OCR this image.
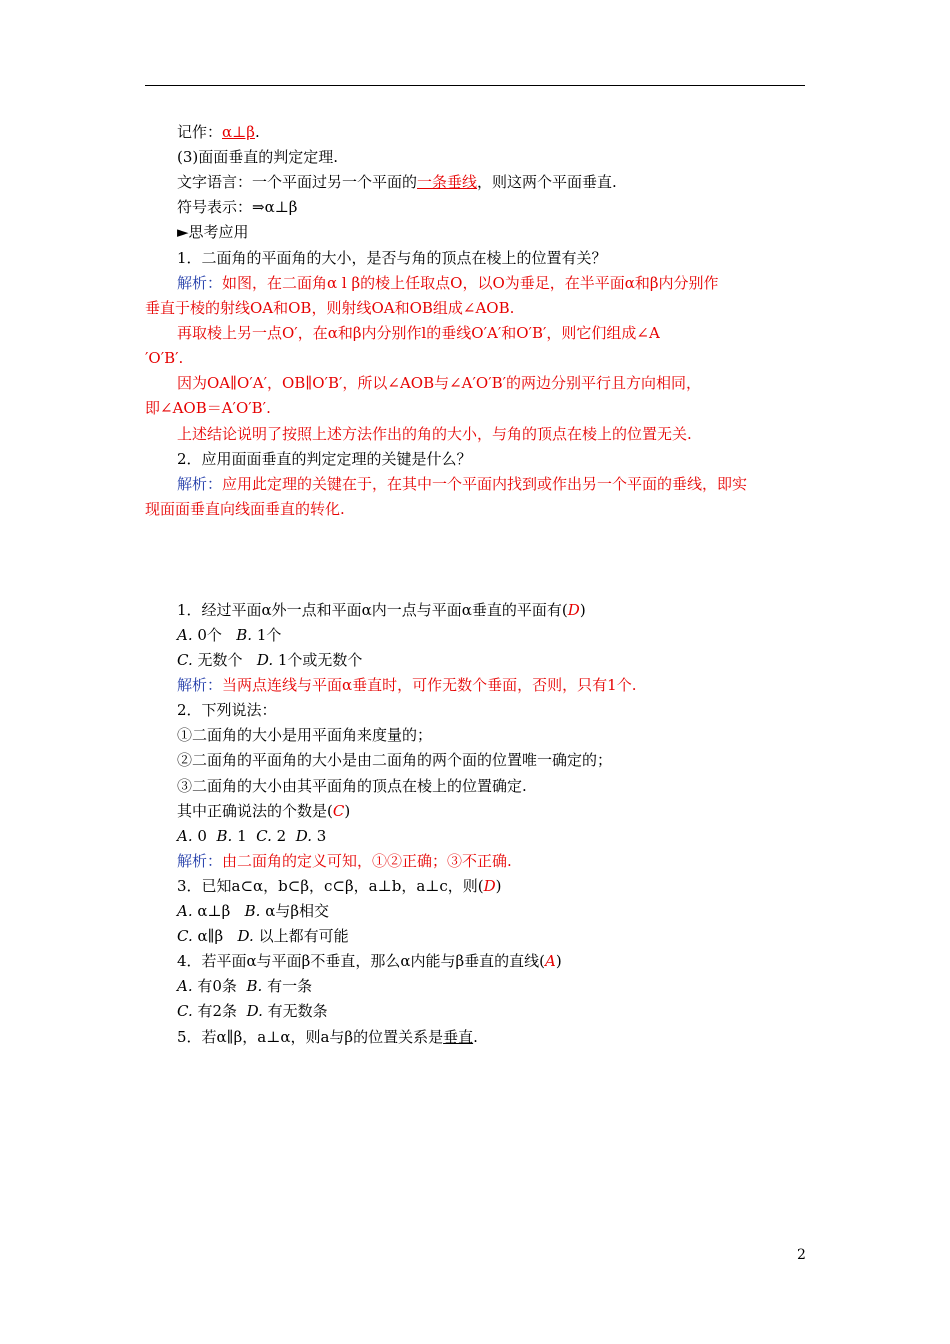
记作：α⊥β.
(3)面面垂直的判定定理.
文字语言：一个平面过另一个平面的一条垂线，则这两个平面垂直.
符号表示：⇒α⊥β
►思考应用
1．二面角的平面角的大小，是否与角的顶点在棱上的位置有关？
解析：如图，在二面角α l β的棱上任取点O，以O为垂足，在半平面α和β内分别作
垂直于棱的射线OA和OB，则射线OA和OB组成∠AOB.
再取棱上另一点O′，在α和β内分别作l的垂线O′A′和O′B′，则它们组成∠A
′O′B′.
因为OA∥O′A′，OB∥O′B′，所以∠AOB与∠A′O′B′的两边分别平行且方向相同，
即∠AOB＝A′O′B′.
上述结论说明了按照上述方法作出的角的大小，与角的顶点在棱上的位置无关.
2．应用面面垂直的判定定理的关键是什么？
解析：应用此定理的关键在于，在其中一个平面内找到或作出另一个平面的垂线，即实
现面面垂直向线面垂直的转化.
1．经过平面α外一点和平面α内一点与平面α垂直的平面有(D)
A. 0个 B. 1个
C. 无数个 D. 1个或无数个
解析：当两点连线与平面α垂直时，可作无数个垂面，否则，只有1个.
2．下列说法：
①二面角的大小是用平面角来度量的；
②二面角的平面角的大小是由二面角的两个面的位置唯一确定的；
③二面角的大小由其平面角的顶点在棱上的位置确定.
其中正确说法的个数是(C)
A. 0 B. 1 C. 2 D. 3
解析：由二面角的定义可知，①②正确；③不正确.
3．已知a⊂α，b⊂β，c⊂β，a⊥b，a⊥c，则(D)
A. α⊥β B. α与β相交
C. α∥β D. 以上都有可能
4．若平面α与平面β不垂直，那么α内能与β垂直的直线(A)
A. 有0条 B. 有一条
C. 有2条 D. 有无数条
5．若α∥β，a⊥α，则a与β的位置关系是垂直.
2
